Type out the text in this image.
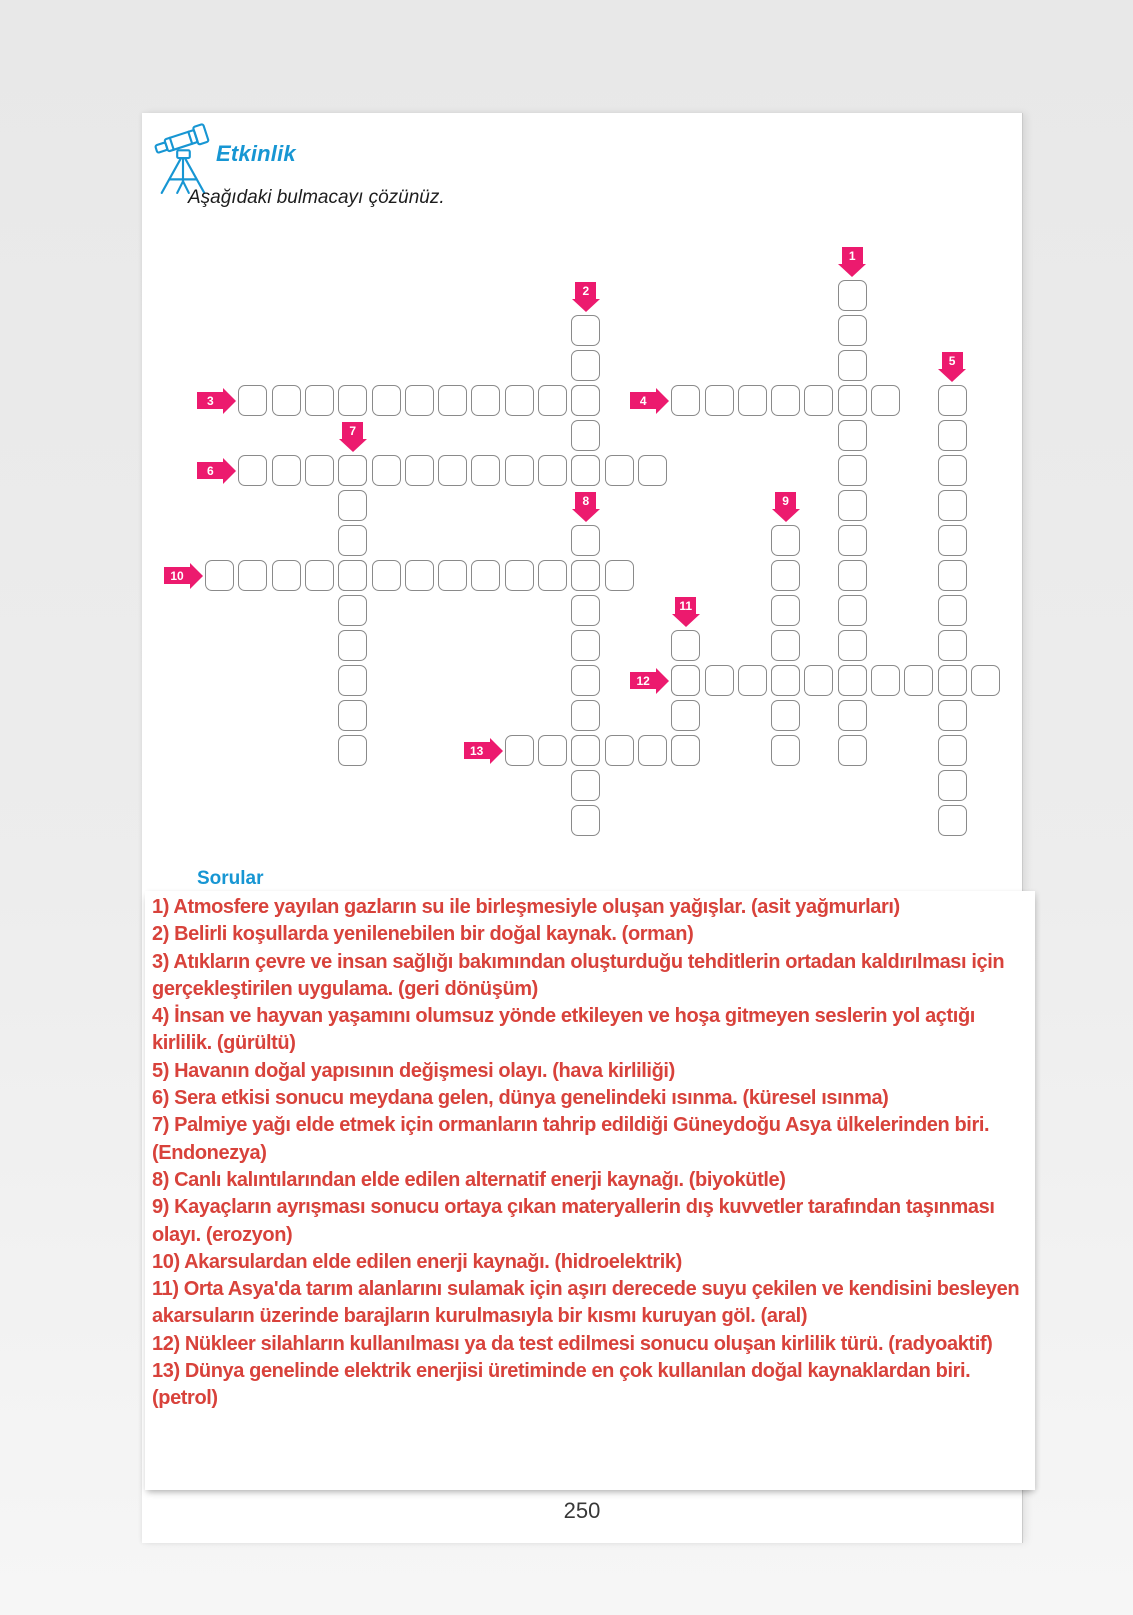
Etkinlik
Aşağıdaki bulmacayı çözünüz.
1
2
3	4
5
6
7
8	9
10
11
12
13
Sorular

1) Atmosfere yayılan gazların su ile birleşmesiyle oluşan yağışlar. (asit yağmurları)

2) Belirli koşullarda yenilenebilen bir doğal kaynak. (orman)

3) Atıkların çevre ve insan sağlığı bakımından oluşturduğu tehditlerin ortadan kaldırılması için gerçekleştirilen uygulama. (geri dönüşüm)

4) İnsan ve hayvan yaşamını olumsuz yönde etkileyen ve hoşa gitmeyen seslerin yol açtığı kirlilik. (gürültü)

5) Havanın doğal yapısının değişmesi olayı. (hava kirliliği)

6) Sera etkisi sonucu meydana gelen, dünya genelindeki ısınma. (küresel ısınma)

7) Palmiye yağı elde etmek için ormanların tahrip edildiği Güneydoğu Asya ülkelerinden biri. (Endonezya)

8) Canlı kalıntılarından elde edilen alternatif enerji kaynağı. (biyokütle)

9) Kayaçların ayrışması sonucu ortaya çıkan materyallerin dış kuvvetler tarafından taşınması olayı. (erozyon)

10) Akarsulardan elde edilen enerji kaynağı. (hidroelektrik)

11) Orta Asya'da tarım alanlarını sulamak için aşırı derecede suyu çekilen ve kendisini besleyen akarsuların üzerinde barajların kurulmasıyla bir kısmı kuruyan göl. (aral)

12) Nükleer silahların kullanılması ya da test edilmesi sonucu oluşan kirlilik türü. (radyoaktif)

13) Dünya genelinde elektrik enerjisi üretiminde en çok kullanılan doğal kaynaklardan biri. (petrol)

250
